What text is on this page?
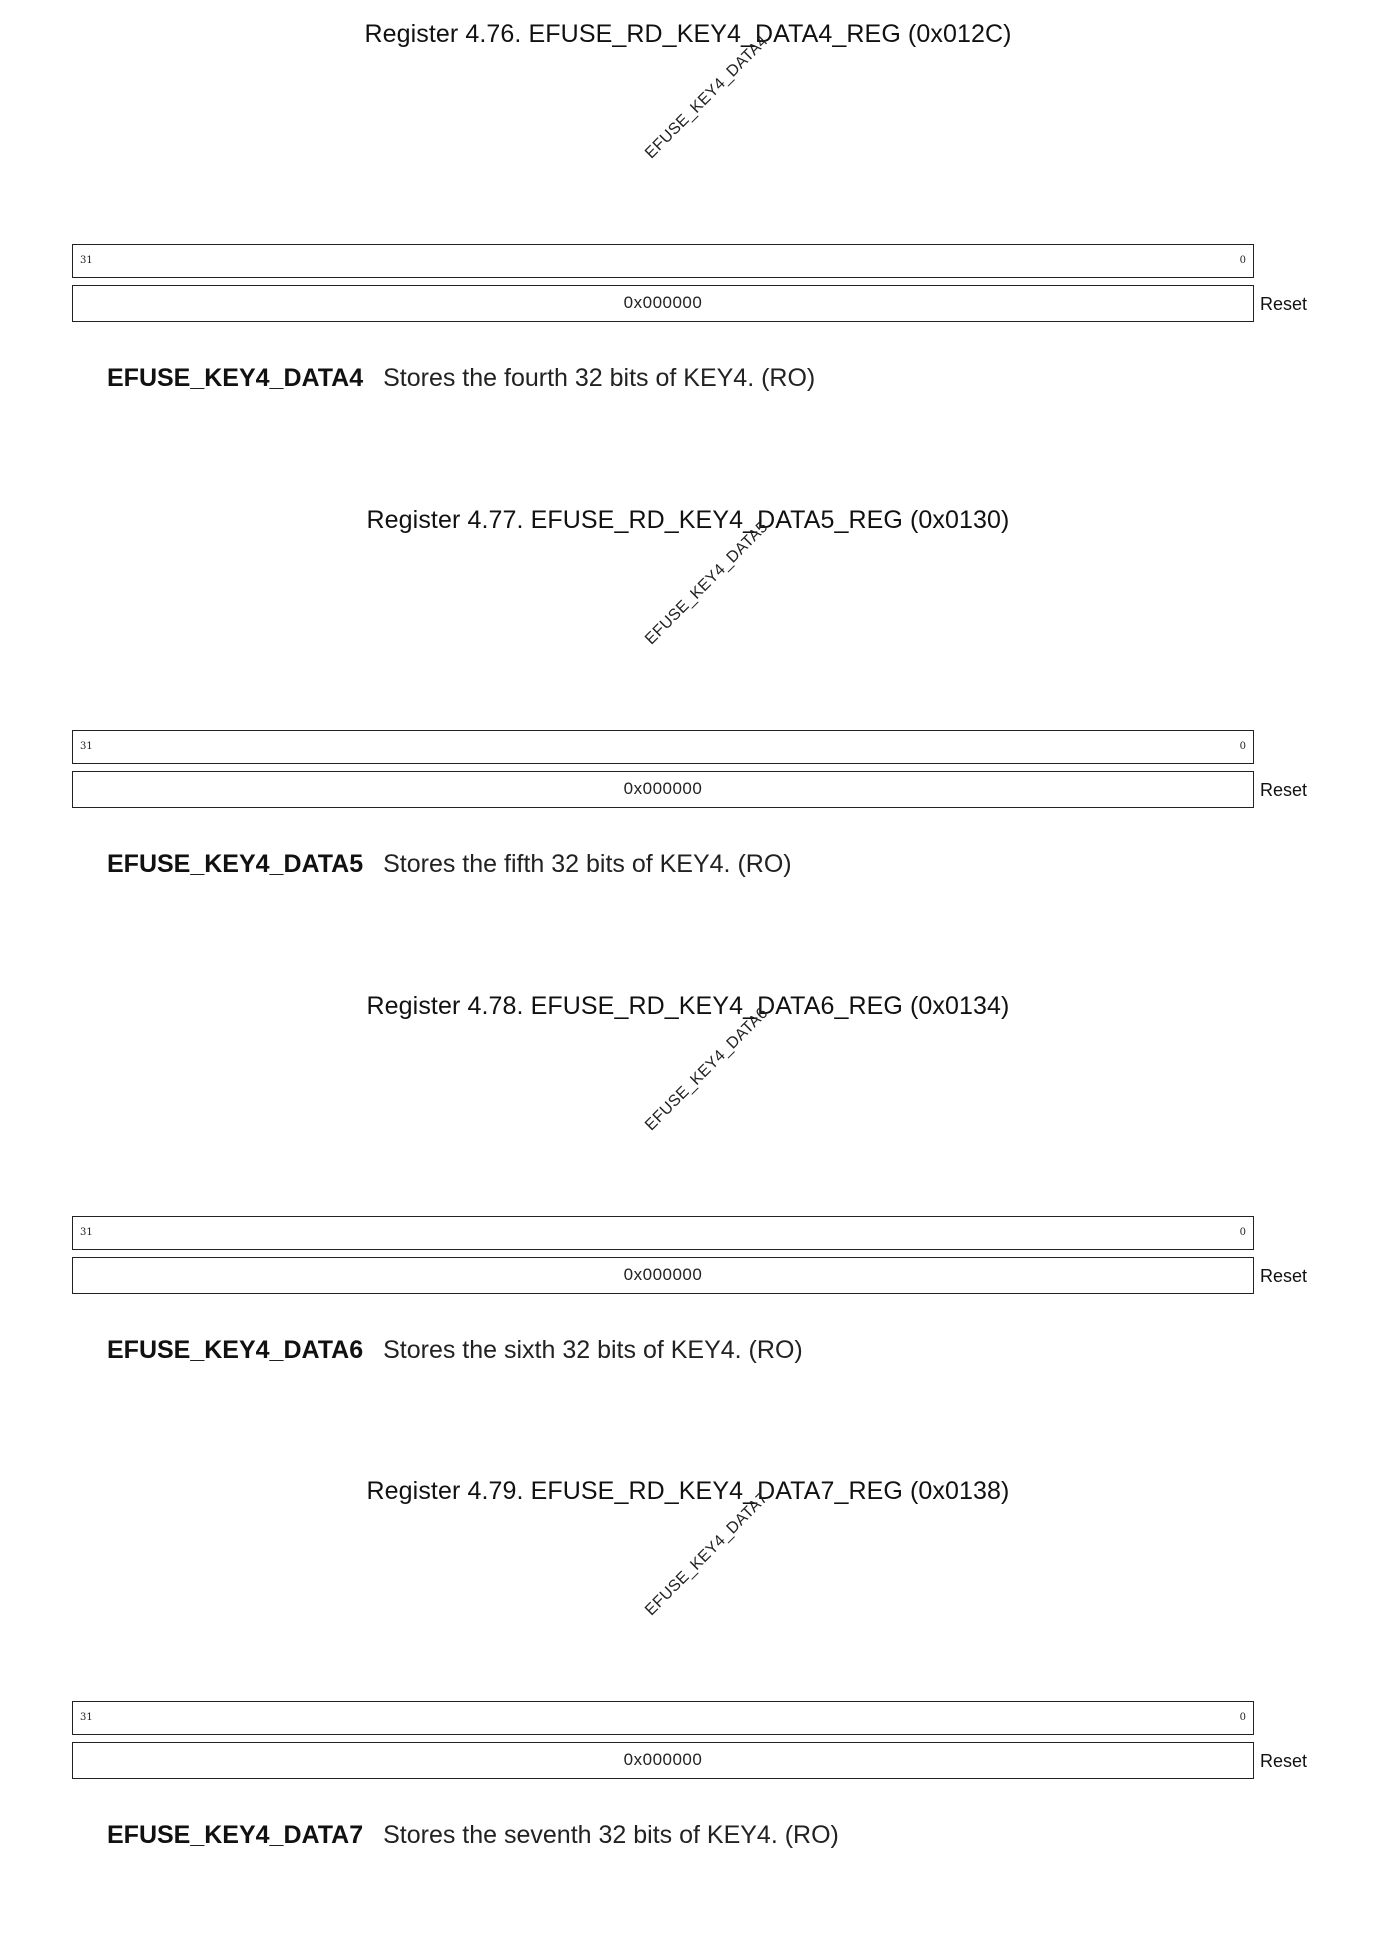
Register 4.76. EFUSE_RD_KEY4_DATA4_REG (0x012C)
EFUSE_KEY4_DATA4
31	0
0x000000	Reset
EFUSE_KEY4_DATA4 Stores the fourth 32 bits of KEY4. (RO)
Register 4.77. EFUSE_RD_KEY4_DATA5_REG (0x0130)
EFUSE_KEY4_DATA5
31	0
0x000000	Reset
EFUSE_KEY4_DATA5 Stores the fifth 32 bits of KEY4. (RO)
Register 4.78. EFUSE_RD_KEY4_DATA6_REG (0x0134)
EFUSE_KEY4_DATA6
31	0
0x000000	Reset
EFUSE_KEY4_DATA6 Stores the sixth 32 bits of KEY4. (RO)
Register 4.79. EFUSE_RD_KEY4_DATA7_REG (0x0138)
EFUSE_KEY4_DATA7
31	0
0x000000	Reset
EFUSE_KEY4_DATA7 Stores the seventh 32 bits of KEY4. (RO)
